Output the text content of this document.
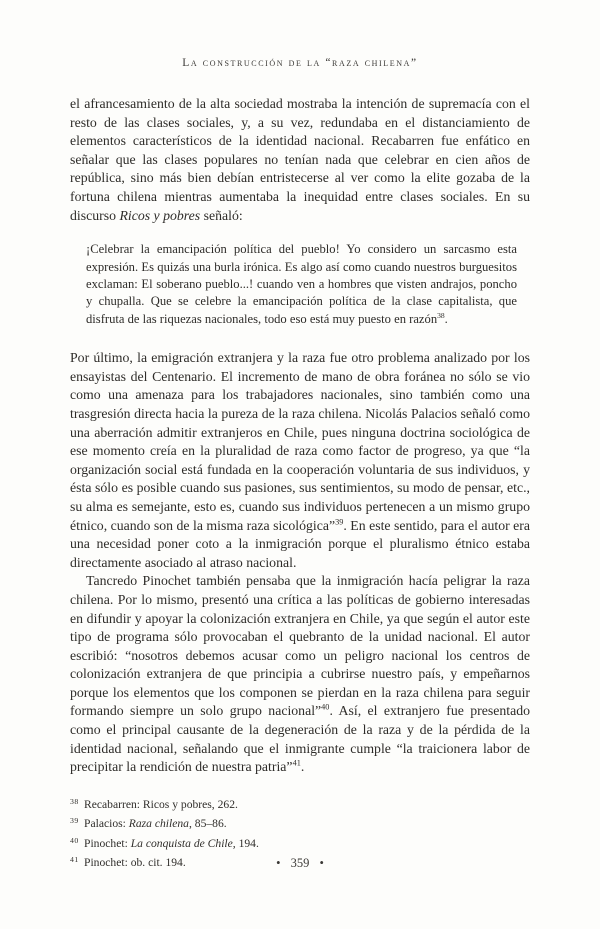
La construcción de la “raza chilena”

el afrancesamiento de la alta sociedad mostraba la intención de supremacía con el resto de las clases sociales, y, a su vez, redundaba en el distanciamiento de elementos característicos de la identidad nacional. Recabarren fue enfático en señalar que las clases populares no tenían nada que celebrar en cien años de república, sino más bien debían entristecerse al ver como la elite gozaba de la fortuna chilena mientras aumentaba la inequidad entre clases sociales. En su discurso Ricos y pobres señaló:

¡Celebrar la emancipación política del pueblo! Yo considero un sarcasmo esta expresión. Es quizás una burla irónica. Es algo así como cuando nuestros burguesitos exclaman: El soberano pueblo...! cuando ven a hombres que visten andrajos, poncho y chupalla. Que se celebre la emancipación política de la clase capitalista, que disfruta de las riquezas nacionales, todo eso está muy puesto en razón$^{38}$.

Por último, la emigración extranjera y la raza fue otro problema analizado por los ensayistas del Centenario. El incremento de mano de obra foránea no sólo se vio como una amenaza para los trabajadores nacionales, sino también como una trasgresión directa hacia la pureza de la raza chilena. Nicolás Palacios señaló como una aberración admitir extranjeros en Chile, pues ninguna doctrina sociológica de ese momento creía en la pluralidad de raza como factor de progreso, ya que “la organización social está fundada en la cooperación voluntaria de sus individuos, y ésta sólo es posible cuando sus pasiones, sus sentimientos, su modo de pensar, etc., su alma es semejante, esto es, cuando sus individuos pertenecen a un mismo grupo étnico, cuando son de la misma raza sicológica”$^{39}$. En este sentido, para el autor era una necesidad poner coto a la inmigración porque el pluralismo étnico estaba directamente asociado al atraso nacional.

Tancredo Pinochet también pensaba que la inmigración hacía peligrar la raza chilena. Por lo mismo, presentó una crítica a las políticas de gobierno interesadas en difundir y apoyar la colonización extranjera en Chile, ya que según el autor este tipo de programa sólo provocaban el quebranto de la unidad nacional. El autor escribió: “nosotros debemos acusar como un peligro nacional los centros de colonización extranjera de que principia a cubrirse nuestro país, y empeñarnos porque los elementos que los componen se pierdan en la raza chilena para seguir formando siempre un solo grupo nacional”$^{40}$. Así, el extranjero fue presentado como el principal causante de la degeneración de la raza y de la pérdida de la identidad nacional, señalando que el inmigrante cumple “la traicionera labor de precipitar la rendición de nuestra patria”$^{41}$.

38 Recabarren: Ricos y pobres, 262.
39 Palacios: Raza chilena, 85–86.
40 Pinochet: La conquista de Chile, 194.
41 Pinochet: ob. cit. 194.	• 359 •
